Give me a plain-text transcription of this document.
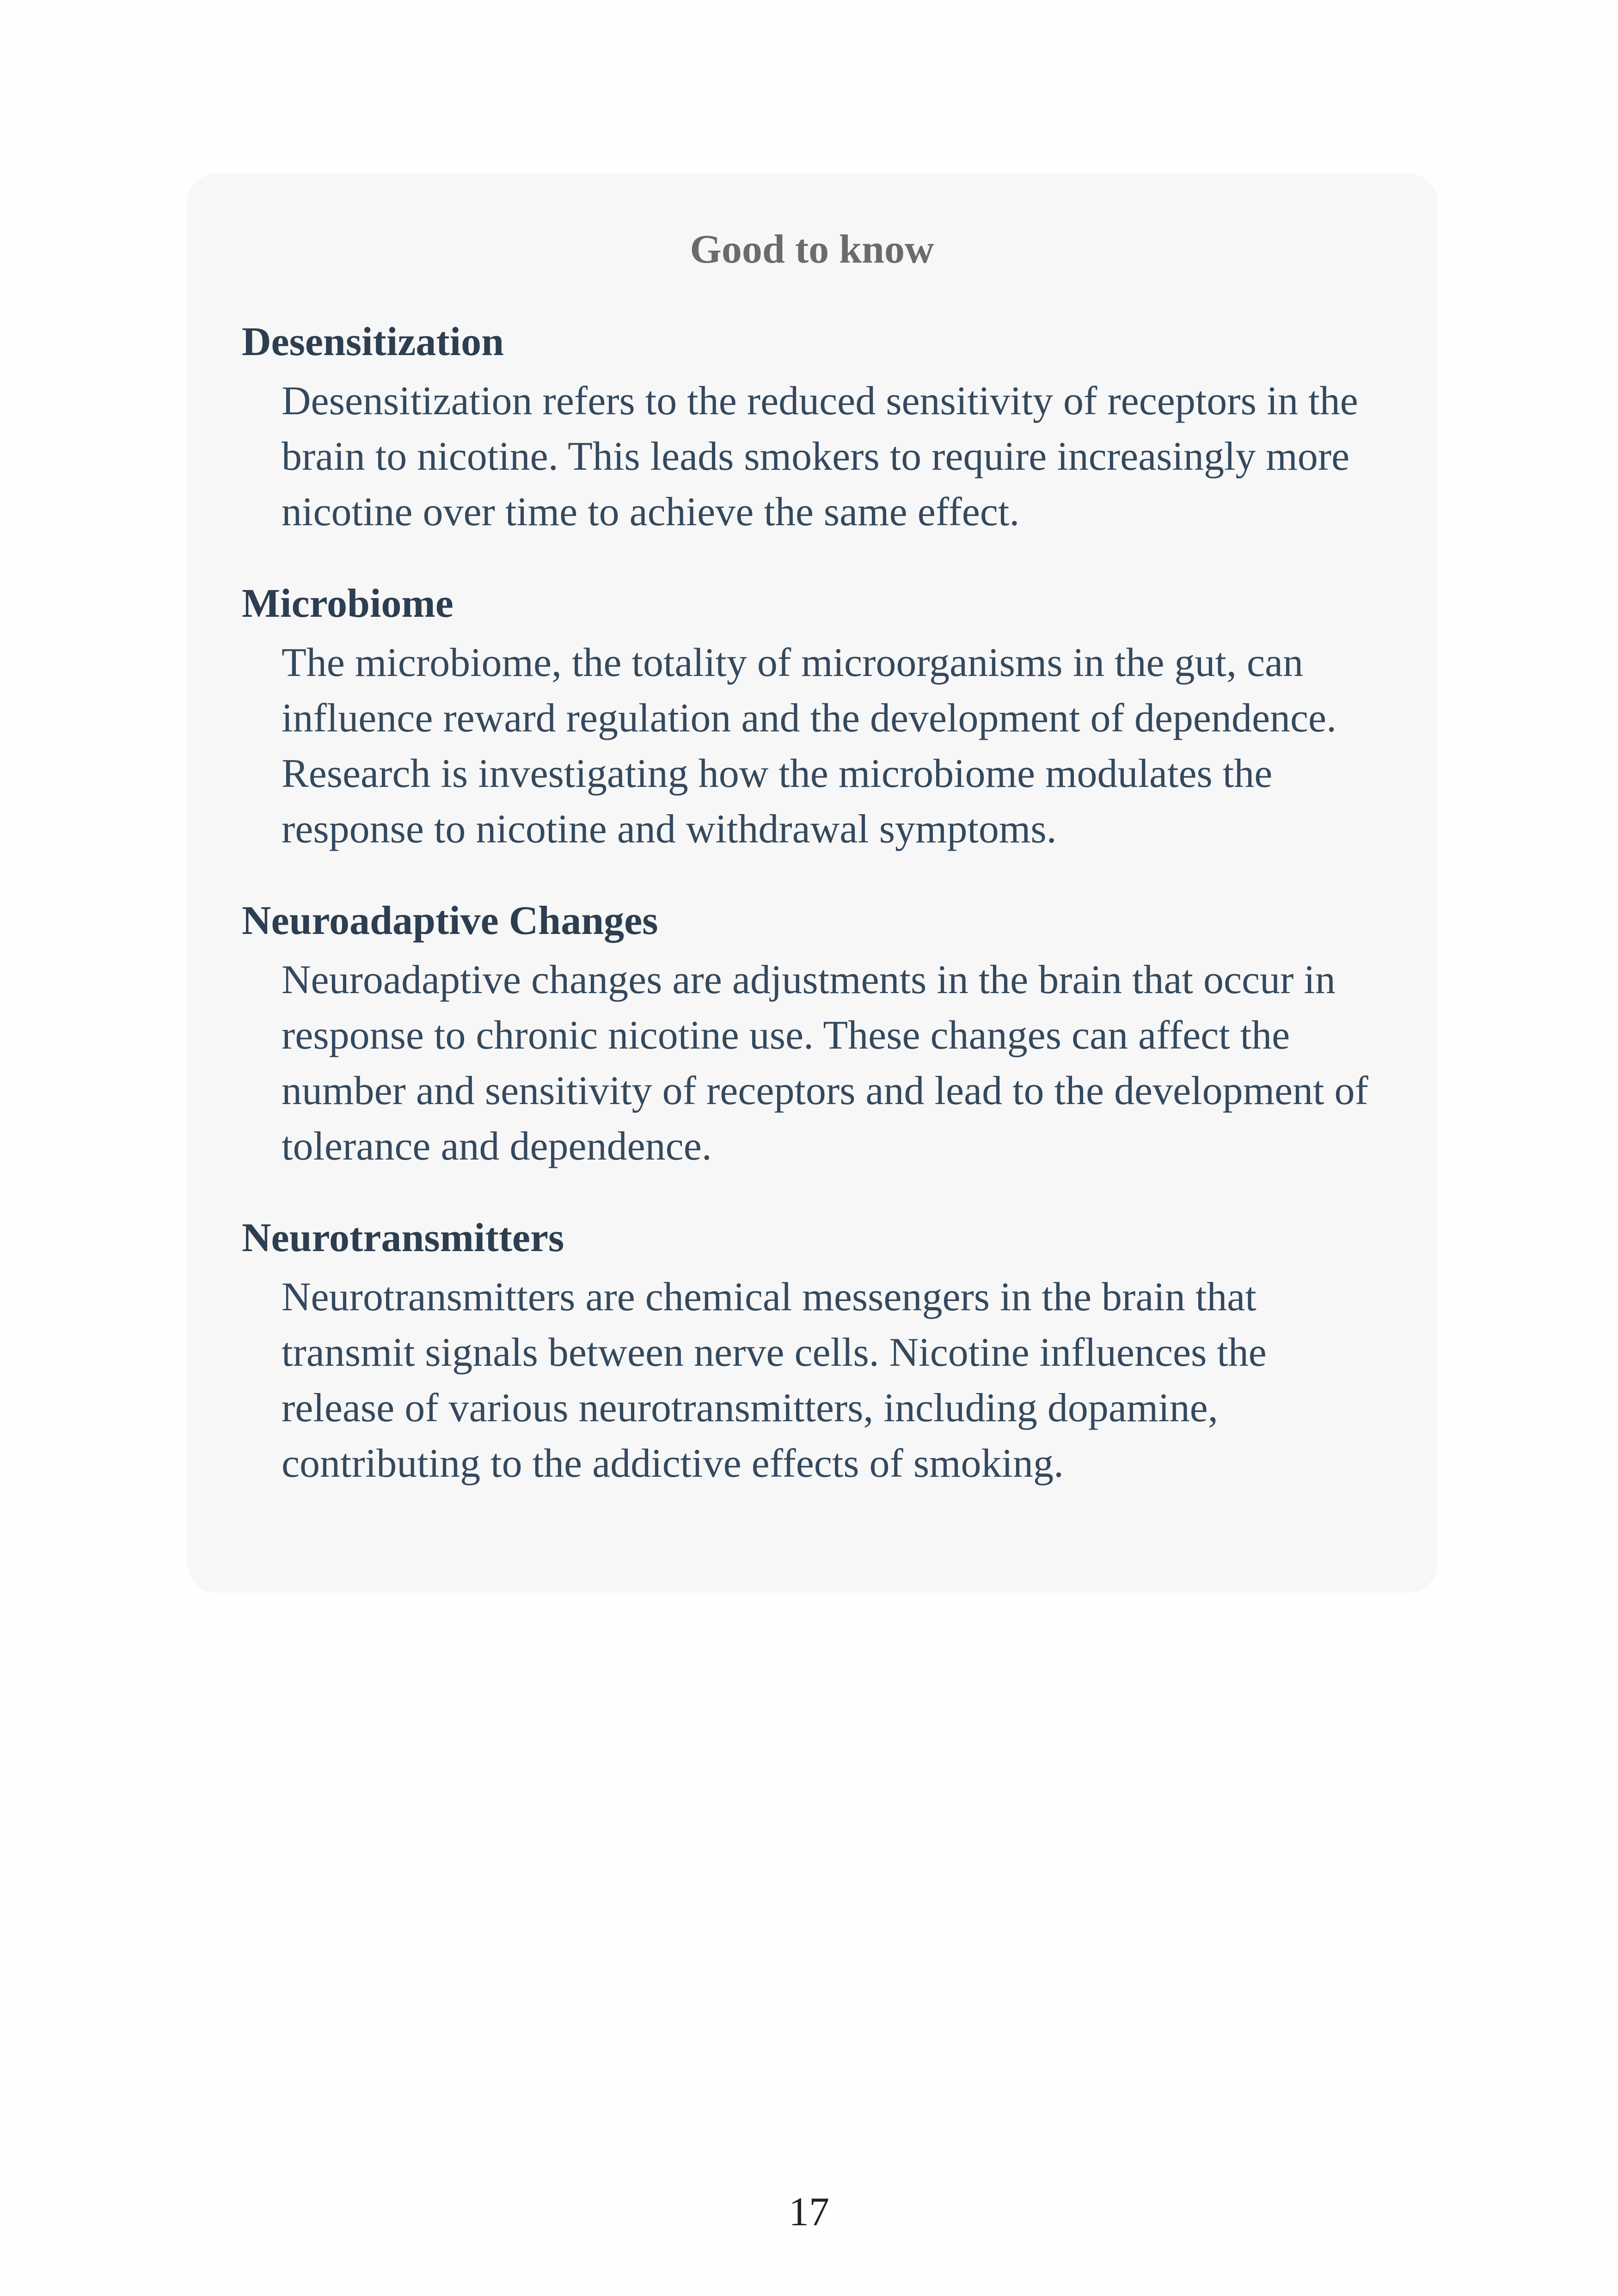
Good to know
Desensitization
Desensitization refers to the reduced sensitivity of receptors in the brain to nicotine. This leads smokers to require increasingly more nicotine over time to achieve the same effect.
Microbiome
The microbiome, the totality of microorganisms in the gut, can influence reward regulation and the development of dependence. Research is investigating how the microbiome modulates the response to nicotine and withdrawal symptoms.
Neuroadaptive Changes
Neuroadaptive changes are adjustments in the brain that occur in response to chronic nicotine use. These changes can affect the number and sensitivity of receptors and lead to the development of tolerance and dependence.
Neurotransmitters
Neurotransmitters are chemical messengers in the brain that transmit signals between nerve cells. Nicotine influences the release of various neurotransmitters, including dopamine, contributing to the addictive effects of smoking.
17
